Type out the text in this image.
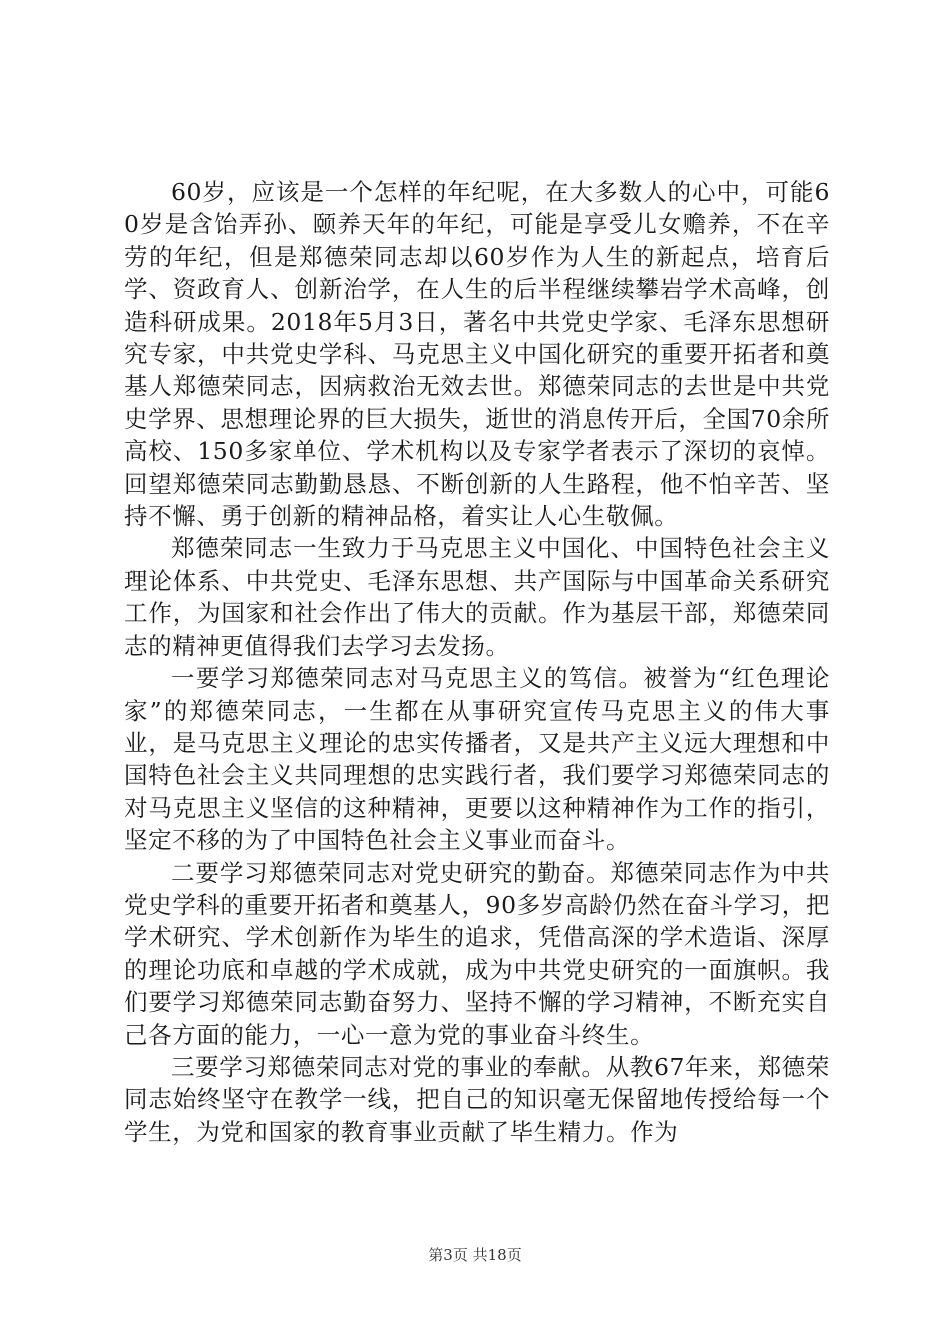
60岁，应该是一个怎样的年纪呢，在大多数人的心中，可能60岁是含饴弄孙、颐养天年的年纪，可能是享受儿女赡养，不在辛劳的年纪，但是郑德荣同志却以60岁作为人生的新起点，培育后学、资政育人、创新治学，在人生的后半程继续攀岩学术高峰，创造科研成果。2018年5月3日，著名中共党史学家、毛泽东思想研究专家，中共党史学科、马克思主义中国化研究的重要开拓者和奠基人郑德荣同志，因病救治无效去世。郑德荣同志的去世是中共党史学界、思想理论界的巨大损失，逝世的消息传开后，全国70余所高校、150多家单位、学术机构以及专家学者表示了深切的哀悼。回望郑德荣同志勤勤恳恳、不断创新的人生路程，他不怕辛苦、坚持不懈、勇于创新的精神品格，着实让人心生敬佩。

郑德荣同志一生致力于马克思主义中国化、中国特色社会主义理论体系、中共党史、毛泽东思想、共产国际与中国革命关系研究工作，为国家和社会作出了伟大的贡献。作为基层干部，郑德荣同志的精神更值得我们去学习去发扬。

一要学习郑德荣同志对马克思主义的笃信。被誉为“红色理论家”的郑德荣同志，一生都在从事研究宣传马克思主义的伟大事业，是马克思主义理论的忠实传播者，又是共产主义远大理想和中国特色社会主义共同理想的忠实践行者，我们要学习郑德荣同志的对马克思主义坚信的这种精神，更要以这种精神作为工作的指引，坚定不移的为了中国特色社会主义事业而奋斗。

二要学习郑德荣同志对党史研究的勤奋。郑德荣同志作为中共党史学科的重要开拓者和奠基人，90多岁高龄仍然在奋斗学习，把学术研究、学术创新作为毕生的追求，凭借高深的学术造诣、深厚的理论功底和卓越的学术成就，成为中共党史研究的一面旗帜。我们要学习郑德荣同志勤奋努力、坚持不懈的学习精神，不断充实自己各方面的能力，一心一意为党的事业奋斗终生。

三要学习郑德荣同志对党的事业的奉献。从教67年来，郑德荣同志始终坚守在教学一线，把自己的知识毫无保留地传授给每一个学生，为党和国家的教育事业贡献了毕生精力。作为

第3页 共18页
